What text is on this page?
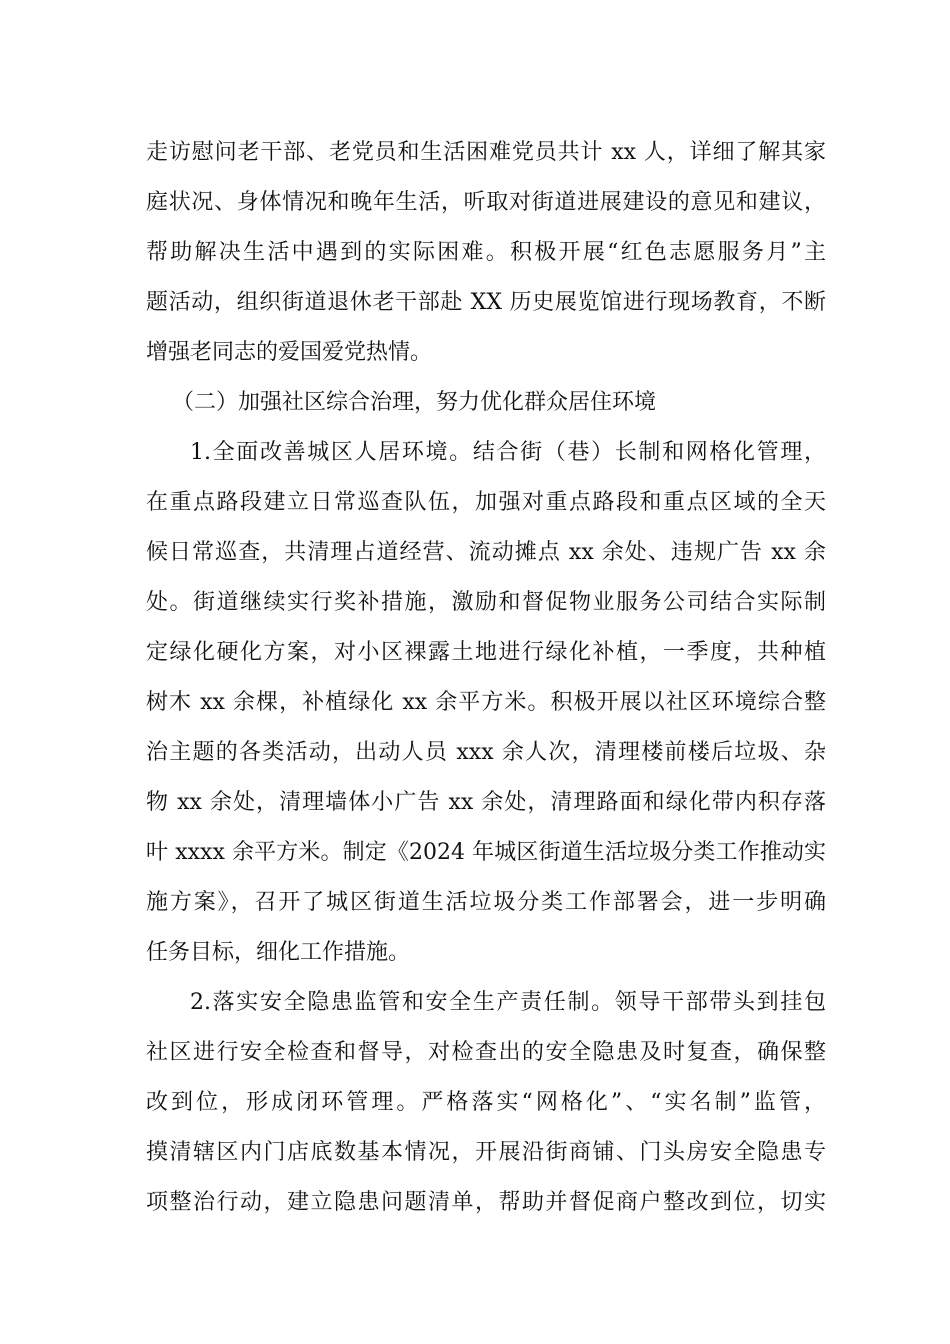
走访慰问老干部、老党员和生活困难党员共计 xx 人，详细了解其家
庭状况、身体情况和晚年生活，听取对街道进展建设的意见和建议，
帮助解决生活中遇到的实际困难。积极开展“红色志愿服务月”主
题活动，组织街道退休老干部赴 XX 历史展览馆进行现场教育，不断
增强老同志的爱国爱党热情。
（二）加强社区综合治理，努力优化群众居住环境
1.全面改善城区人居环境。结合街（巷）长制和网格化管理，
在重点路段建立日常巡查队伍，加强对重点路段和重点区域的全天
候日常巡查，共清理占道经营、流动摊点 xx 余处、违规广告 xx 余
处。街道继续实行奖补措施，激励和督促物业服务公司结合实际制
定绿化硬化方案，对小区裸露土地进行绿化补植，一季度，共种植
树木 xx 余棵，补植绿化 xx 余平方米。积极开展以社区环境综合整
治主题的各类活动，出动人员 xxx 余人次，清理楼前楼后垃圾、杂
物 xx 余处，清理墙体小广告 xx 余处，清理路面和绿化带内积存落
叶 xxxx 余平方米。制定《2024 年城区街道生活垃圾分类工作推动实
施方案》，召开了城区街道生活垃圾分类工作部署会，进一步明确
任务目标，细化工作措施。
2.落实安全隐患监管和安全生产责任制。领导干部带头到挂包
社区进行安全检查和督导，对检查出的安全隐患及时复查，确保整
改到位，形成闭环管理。严格落实“网格化”、“实名制”监管，
摸清辖区内门店底数基本情况，开展沿街商铺、门头房安全隐患专
项整治行动，建立隐患问题清单，帮助并督促商户整改到位，切实
